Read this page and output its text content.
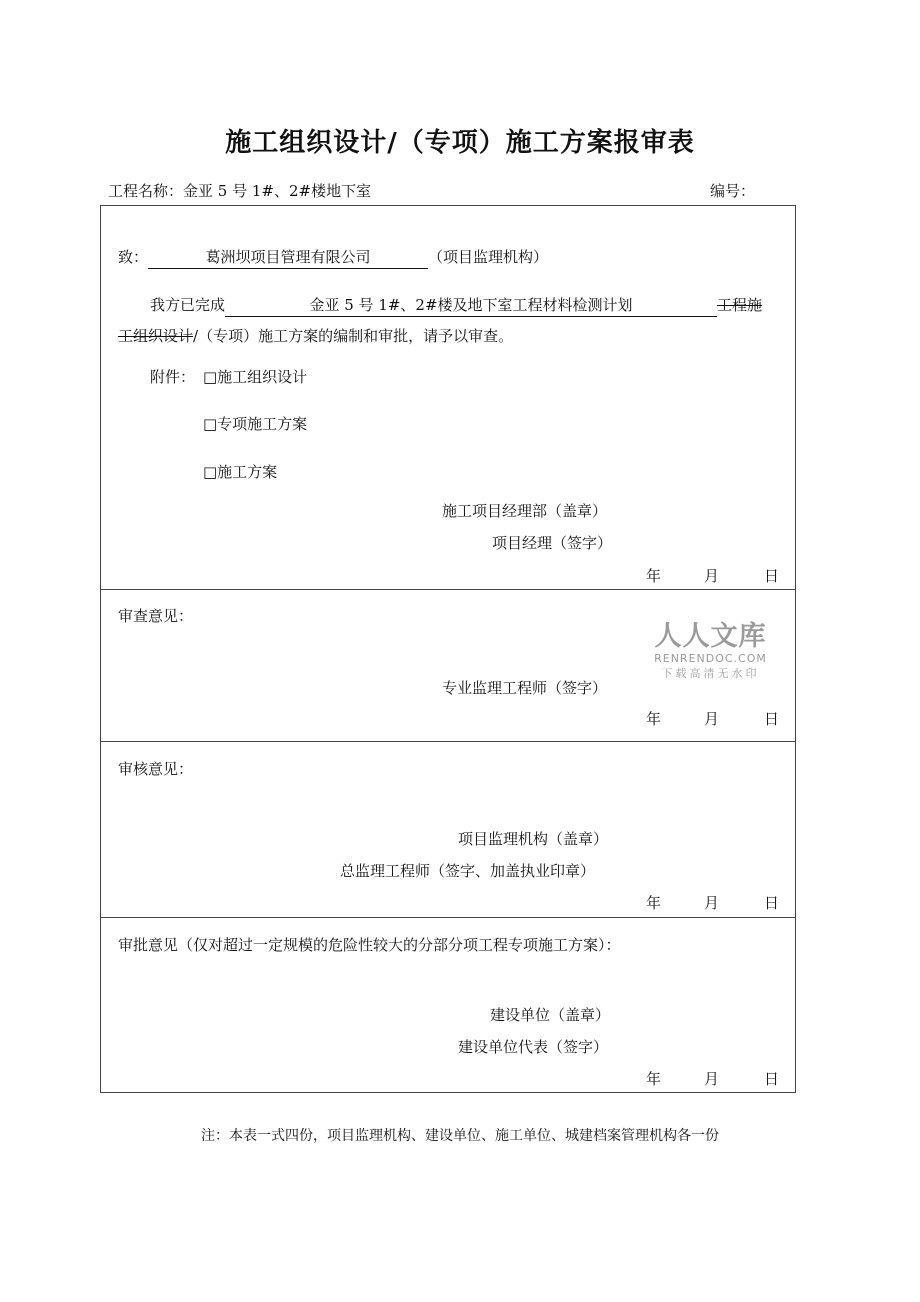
施工组织设计/（专项）施工方案报审表
工程名称：金亚 5 号 1#、2#楼地下室	编号：
致：	葛洲坝项目管理有限公司	（项目监理机构）
我方已完成	金亚 5 号 1#、2#楼及地下室工程材料检测计划	工程施
工组织设计/（专项）施工方案的编制和审批，请予以审查。
附件： □施工组织设计
□专项施工方案
□施工方案
施工项目经理部（盖章）
项目经理（签字）
年	月	日
审查意见：
专业监理工程师（签字）
年	月	日
人人文库
RENRENDOC.COM
下载高清无水印
审核意见：
项目监理机构（盖章）
总监理工程师（签字、加盖执业印章）
年	月	日
审批意见（仅对超过一定规模的危险性较大的分部分项工程专项施工方案）：
建设单位（盖章）
建设单位代表（签字）
年	月	日
注：本表一式四份，项目监理机构、建设单位、施工单位、城建档案管理机构各一份
